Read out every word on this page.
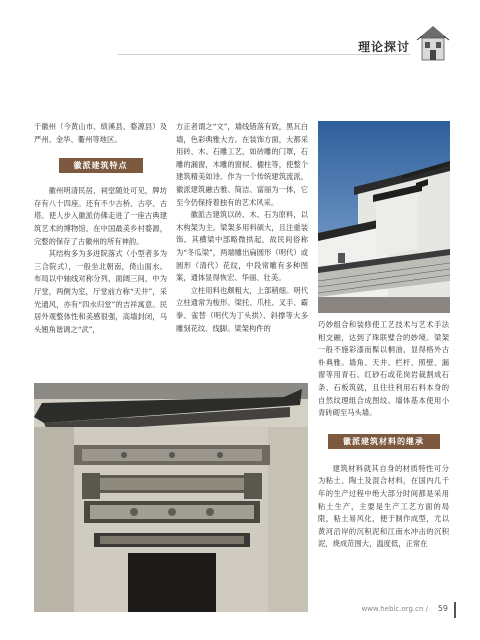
理论探讨

于徽州（今黄山市、绩溪县、婺源县）及严州、金华、衢州等地区。

徽派建筑特点

徽州明清民居、祠堂随处可见，牌坊存有八十四座。还有不少古桥、古亭、古塔。使人步入徽派仿佛走进了一座古典建筑艺术的博物馆。在中国最美乡村婺源，完整的保存了古徽州的所有神韵。

其结构多为多进院落式（小型者多为三合院式），一般坐北朝南，倚山面水。布局以中轴线对称分列，面阔三间，中为厅堂，两侧为室，厅堂前方称“天井”，采光通风，亦有“四水归堂”的吉祥寓意。民居外观整体性和美感很强，高墙封闭，马头翘角谐调之“武”，

方正者谓之“文”，墙线错落有致，黑瓦白墙，色彩典雅大方。在装饰方面，大都采用砖、木、石雕工艺，如砖雕的门罩，石雕的漏窗，木雕的窗棂、楹柱等，使整个建筑精美如诗。作为一个传统建筑流派，徽派建筑融古雅、简洁、富丽为一体，它至今仍保持着独有的艺术风采。

徽派古建筑以砖、木、石为原料，以木构架为主。梁架多用料硕大，且注重装饰。其横梁中部略微拱起，故民间俗称为“冬瓜梁”，两端雕出扁圆形（明代）或圆形（清代）花纹，中段常雕有多种图案，通体显得恢宏、华丽、壮美。

立柱用料也颇粗大，上部稍细。明代立柱通常为梭形。梁托、爪柱、叉手、霸拳、雀替（明代为丁头拱）、斜撑等大多雕刻花纹、线脚。梁架构件的	巧妙组合和装修使工艺技术与艺术手法相交融，达到了珠联璧合的妙境。梁架一般不施彩漆而髹以桐油，显得格外古朴典雅。墙角、天井、栏杆、照壁、漏窗等用青石、红砂石或花岗岩裁割成石条、石板筑就，且往往利用石料本身的自然纹理组合成图纹。墙体基本使用小青砖砌至马头墙。

徽派建筑材料的继承

建筑材料就其自身的材质特性可分为粘土、陶土及混合材料，在国内几千年的生产过程中绝大部分时间都是采用粘土生产，主要是生产工艺方面的局限，粘土易风化，便于制作成型，尤以黄河沿岸的沉积泥和江南水冲击的沉积泥，烧成范围大，温度低，正常在

www.hebic.org.cn / 59
